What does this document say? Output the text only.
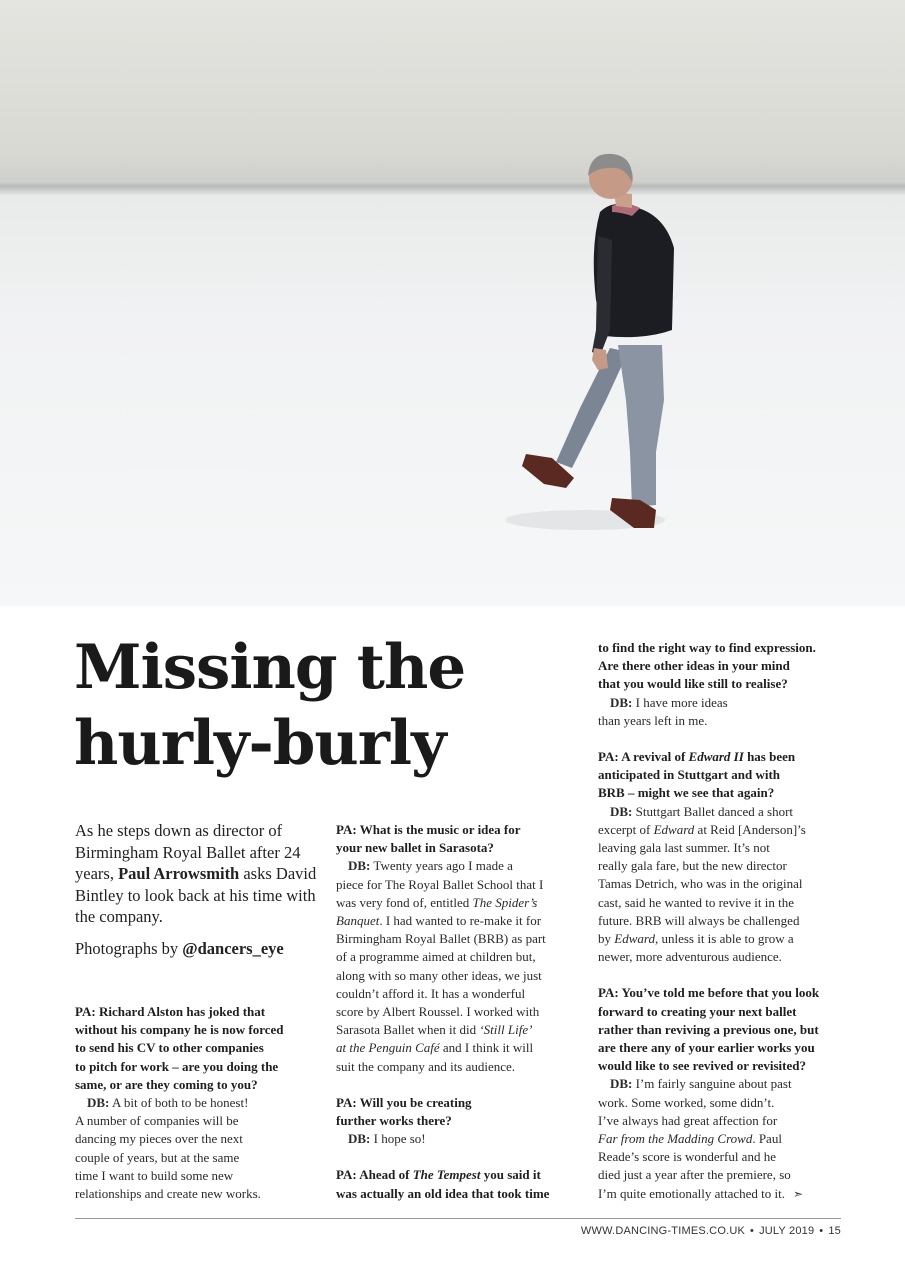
Missing the
hurly-burly

As he steps down as director of Birmingham Royal Ballet after 24 years, Paul Arrowsmith asks David Bintley to look back at his time with the company.

Photographs by @dancers_eye

PA: Richard Alston has joked that
without his company he is now forced
to send his CV to other companies
to pitch for work – are you doing the
same, or are they coming to you?

DB: A bit of both to be honest!
A number of companies will be
dancing my pieces over the next
couple of years, but at the same
time I want to build some new
relationships and create new works.

PA: What is the music or idea for
your new ballet in Sarasota?

DB: Twenty years ago I made a
piece for The Royal Ballet School that I
was very fond of, entitled The Spider’s
Banquet. I had wanted to re-make it for
Birmingham Royal Ballet (BRB) as part
of a programme aimed at children but,
along with so many other ideas, we just
couldn’t afford it. It has a wonderful
score by Albert Roussel. I worked with
Sarasota Ballet when it did ‘Still Life’
at the Penguin Café and I think it will
suit the company and its audience.

PA: Will you be creating
further works there?

DB: I hope so!

PA: Ahead of The Tempest you said it
was actually an old idea that took time

to find the right way to find expression.
Are there other ideas in your mind
that you would like still to realise?

DB: I have more ideas
than years left in me.

PA: A revival of Edward II has been
anticipated in Stuttgart and with
BRB – might we see that again?

DB: Stuttgart Ballet danced a short
excerpt of Edward at Reid [Anderson]’s
leaving gala last summer. It’s not
really gala fare, but the new director
Tamas Detrich, who was in the original
cast, said he wanted to revive it in the
future. BRB will always be challenged
by Edward, unless it is able to grow a
newer, more adventurous audience.

PA: You’ve told me before that you look
forward to creating your next ballet
rather than reviving a previous one, but
are there any of your earlier works you
would like to see revived or revisited?

DB: I’m fairly sanguine about past
work. Some worked, some didn’t.
I’ve always had great affection for
Far from the Madding Crowd. Paul
Reade’s score is wonderful and he
died just a year after the premiere, so
I’m quite emotionally attached to it. ➣

WWW.DANCING-TIMES.CO.UK • JULY 2019 • 15
